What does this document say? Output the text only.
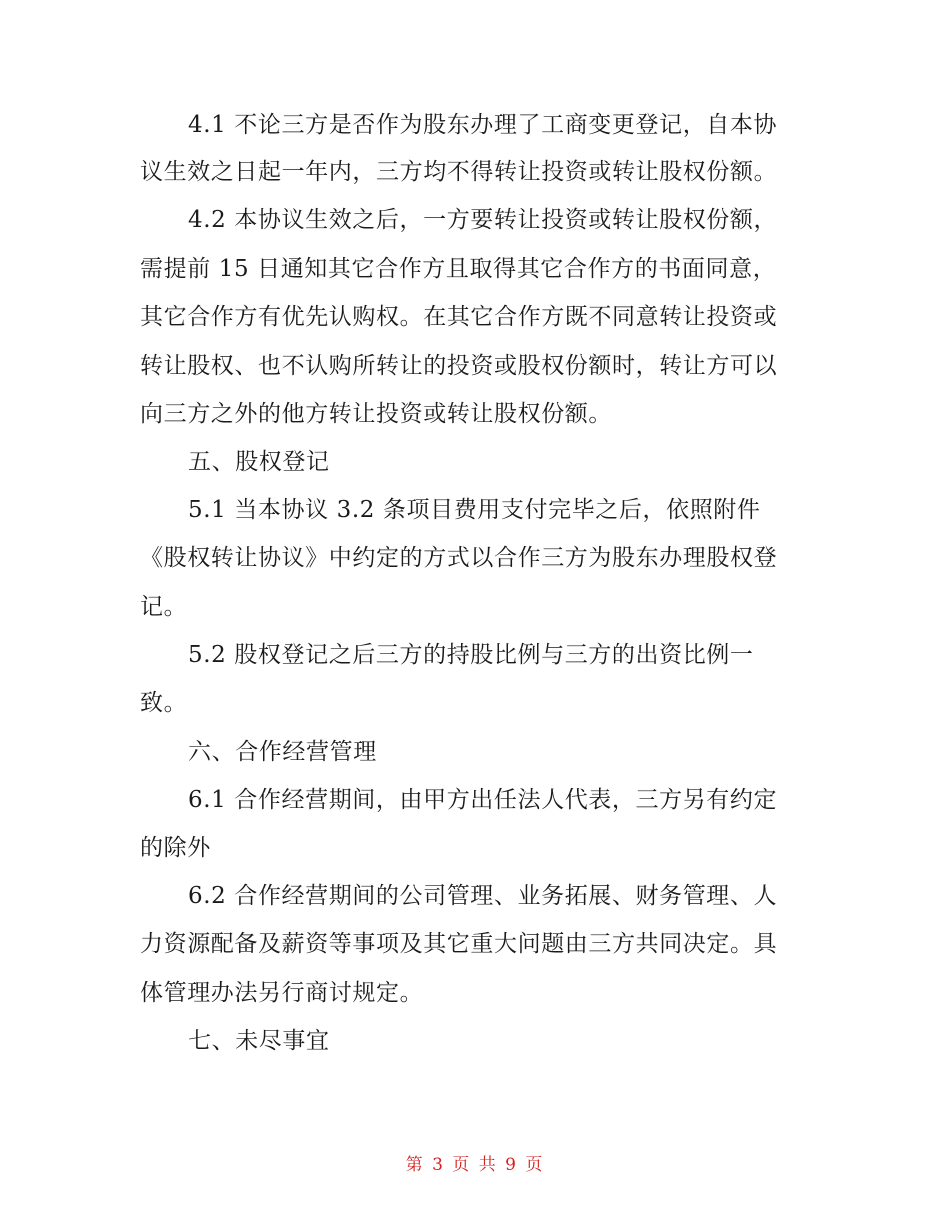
4.1 不论三方是否作为股东办理了工商变更登记，自本协
议生效之日起一年内，三方均不得转让投资或转让股权份额。
4.2 本协议生效之后，一方要转让投资或转让股权份额，
需提前 15 日通知其它合作方且取得其它合作方的书面同意，
其它合作方有优先认购权。在其它合作方既不同意转让投资或
转让股权、也不认购所转让的投资或股权份额时，转让方可以
向三方之外的他方转让投资或转让股权份额。
五、股权登记
5.1 当本协议 3.2 条项目费用支付完毕之后，依照附件
《股权转让协议》中约定的方式以合作三方为股东办理股权登
记。
5.2 股权登记之后三方的持股比例与三方的出资比例一
致。
六、合作经营管理
6.1 合作经营期间，由甲方出任法人代表，三方另有约定
的除外
6.2 合作经营期间的公司管理、业务拓展、财务管理、人
力资源配备及薪资等事项及其它重大问题由三方共同决定。具
体管理办法另行商讨规定。
七、未尽事宜
第 3 页 共 9 页
